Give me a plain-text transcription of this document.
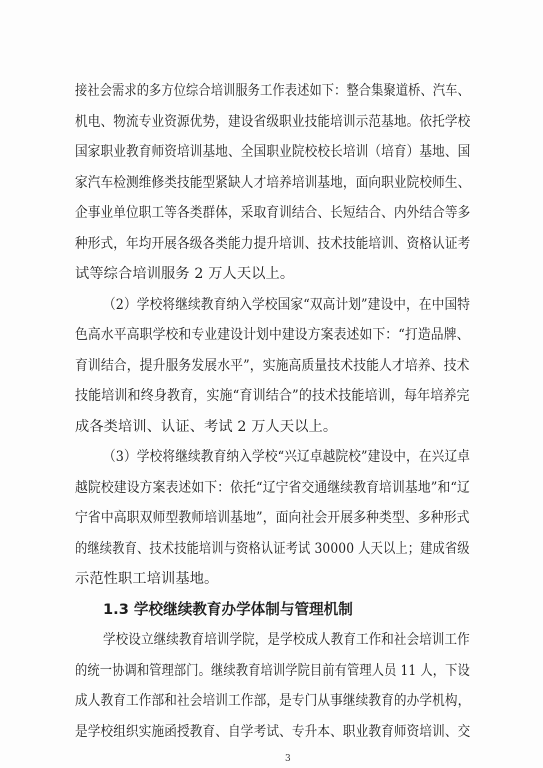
接社会需求的多方位综合培训服务工作表述如下：整合集聚道桥、汽车、
机电、物流专业资源优势，建设省级职业技能培训示范基地。依托学校
国家职业教育师资培训基地、全国职业院校校长培训（培育）基地、国
家汽车检测维修类技能型紧缺人才培养培训基地，面向职业院校师生、
企事业单位职工等各类群体，采取育训结合、长短结合、内外结合等多
种形式，年均开展各级各类能力提升培训、技术技能培训、资格认证考
试等综合培训服务 2 万人天以上。
（2）学校将继续教育纳入学校国家“双高计划”建设中，在中国特
色高水平高职学校和专业建设计划中建设方案表述如下：“打造品牌、
育训结合，提升服务发展水平”，实施高质量技术技能人才培养、技术
技能培训和终身教育，实施“育训结合”的技术技能培训，每年培养完
成各类培训、认证、考试 2 万人天以上。
（3）学校将继续教育纳入学校“兴辽卓越院校”建设中，在兴辽卓
越院校建设方案表述如下：依托“辽宁省交通继续教育培训基地”和“辽
宁省中高职双师型教师培训基地”，面向社会开展多种类型、多种形式
的继续教育、技术技能培训与资格认证考试 30000 人天以上；建成省级
示范性职工培训基地。
1.3 学校继续教育办学体制与管理机制
学校设立继续教育培训学院，是学校成人教育工作和社会培训工作
的统一协调和管理部门。继续教育培训学院目前有管理人员 11 人，下设
成人教育工作部和社会培训工作部，是专门从事继续教育的办学机构，
是学校组织实施函授教育、自学考试、专升本、职业教育师资培训、交
3
